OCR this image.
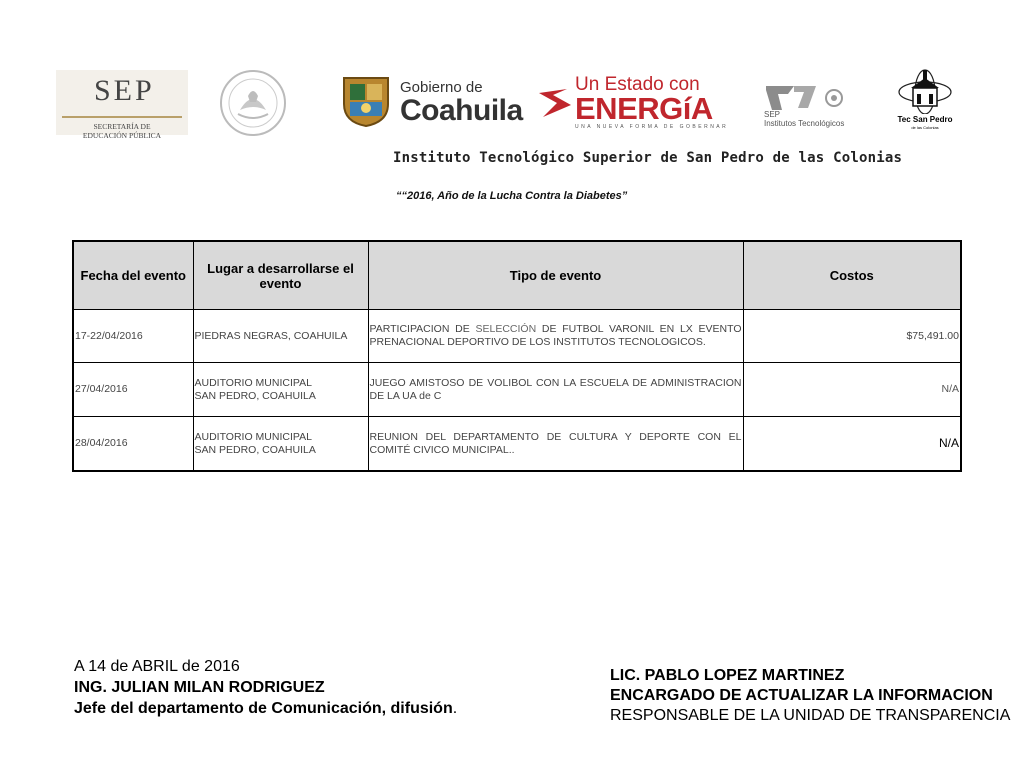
SEP
SECRETARÍA DE
EDUCACIÓN PÚBLICA
Gobierno de
Coahuila
Un Estado con
ENERGíA
UNA NUEVA FORMA DE GOBERNAR
SEP
Institutos Tecnológicos	Tec San Pedro
de las Colonias
Instituto Tecnológico Superior de San Pedro de las Colonias
““2016, Año de la Lucha Contra la Diabetes”
Fecha del evento	Lugar a desarrollarse el evento	Tipo de evento	Costos
17-22/04/2016	PIEDRAS NEGRAS, COAHUILA	PARTICIPACION DE SELECCIÓN DE FUTBOL VARONIL EN LX EVENTO PRENACIONAL DEPORTIVO DE LOS INSTITUTOS TECNOLOGICOS.	$75,491.00
27/04/2016	AUDITORIO MUNICIPAL
SAN PEDRO, COAHUILA	JUEGO AMISTOSO DE VOLIBOL CON LA ESCUELA DE ADMINISTRACION DE LA UA de C	N/A
28/04/2016	AUDITORIO MUNICIPAL
SAN PEDRO, COAHUILA	REUNION DEL DEPARTAMENTO DE CULTURA Y DEPORTE CON EL COMITÉ CIVICO MUNICIPAL..	N/A
A 14 de ABRIL de 2016
ING. JULIAN MILAN RODRIGUEZ
Jefe del departamento de Comunicación, difusión.
LIC. PABLO LOPEZ MARTINEZ
ENCARGADO DE ACTUALIZAR LA INFORMACION
RESPONSABLE DE LA UNIDAD DE TRANSPARENCIA
